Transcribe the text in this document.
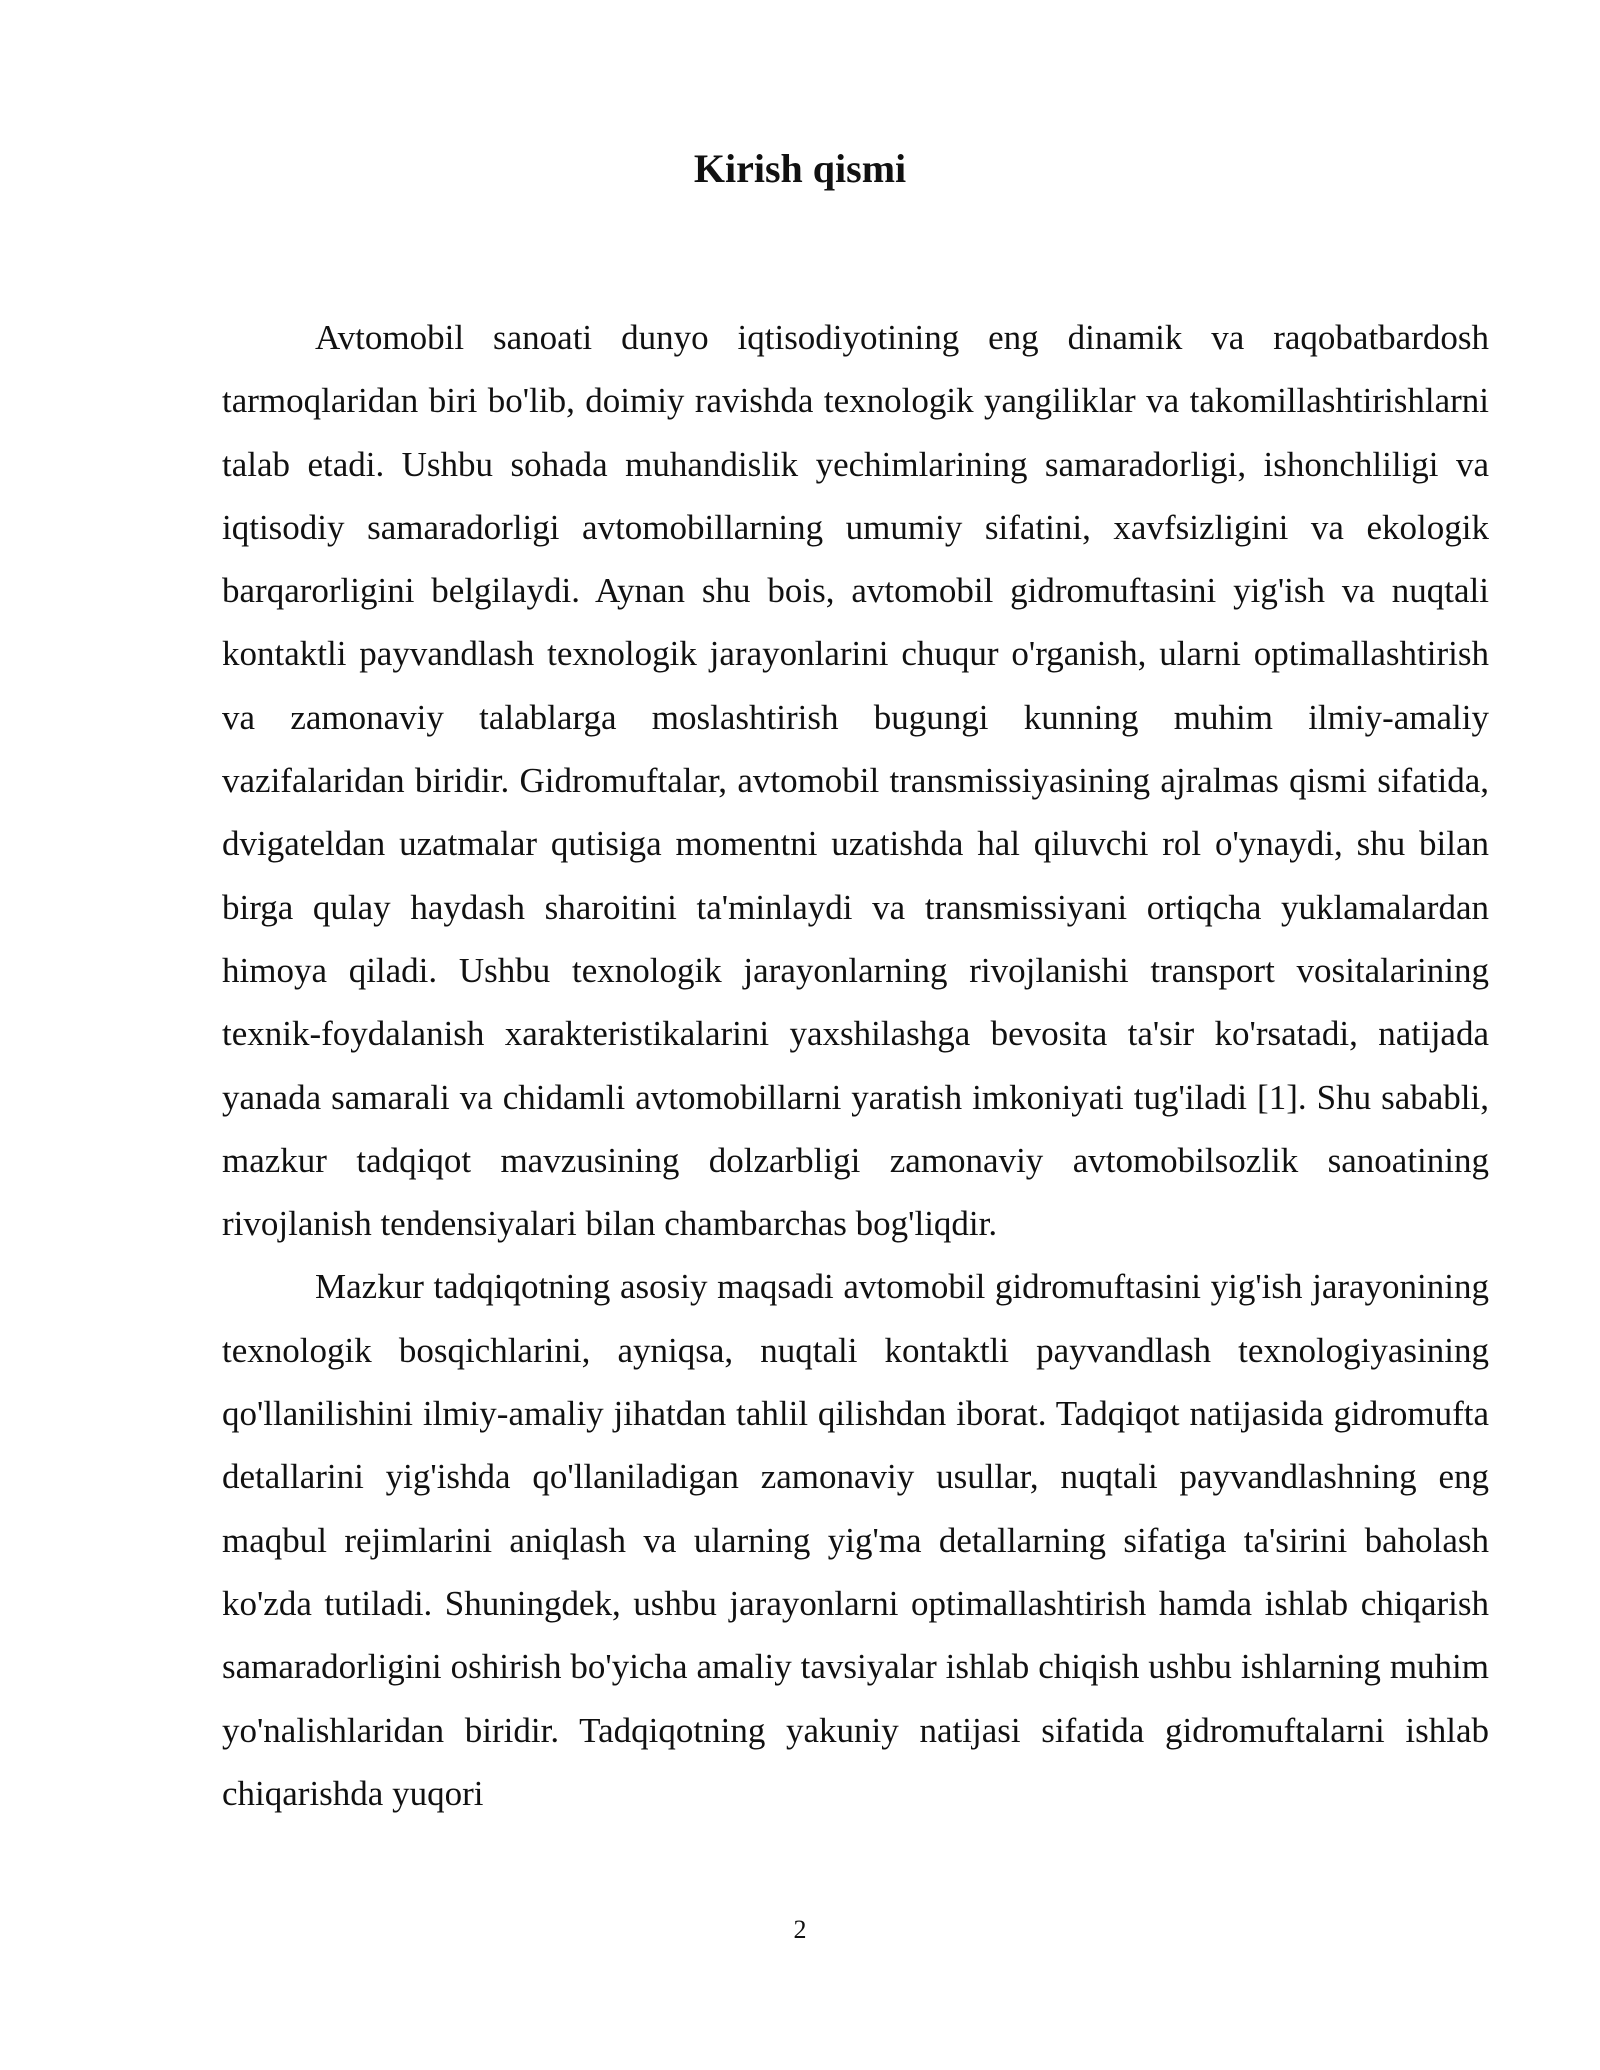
Kirish qismi

Avtomobil sanoati dunyo iqtisodiyotining eng dinamik va raqobatbardosh tarmoqlaridan biri bo'lib, doimiy ravishda texnologik yangiliklar va takomillashtirishlarni talab etadi. Ushbu sohada muhandislik yechimlarining samaradorligi, ishonchliligi va iqtisodiy samaradorligi avtomobillarning umumiy sifatini, xavfsizligini va ekologik barqarorligini belgilaydi. Aynan shu bois, avtomobil gidromuftasini yig'ish va nuqtali kontaktli payvandlash texnologik jarayonlarini chuqur o'rganish, ularni optimallashtirish va zamonaviy talablarga moslashtirish bugungi kunning muhim ilmiy-amaliy vazifalaridan biridir. Gidromuftalar, avtomobil transmissiyasining ajralmas qismi sifatida, dvigateldan uzatmalar qutisiga momentni uzatishda hal qiluvchi rol o'ynaydi, shu bilan birga qulay haydash sharoitini ta'minlaydi va transmissiyani ortiqcha yuklamalardan himoya qiladi. Ushbu texnologik jarayonlarning rivojlanishi transport vositalarining texnik-foydalanish xarakteristikalarini yaxshilashga bevosita ta'sir ko'rsatadi, natijada yanada samarali va chidamli avtomobillarni yaratish imkoniyati tug'iladi [1]. Shu sababli, mazkur tadqiqot mavzusining dolzarbligi zamonaviy avtomobilsozlik sanoatining rivojlanish tendensiyalari bilan chambarchas bog'liqdir.

Mazkur tadqiqotning asosiy maqsadi avtomobil gidromuftasini yig'ish jarayonining texnologik bosqichlarini, ayniqsa, nuqtali kontaktli payvandlash texnologiyasining qo'llanilishini ilmiy-amaliy jihatdan tahlil qilishdan iborat. Tadqiqot natijasida gidromufta detallarini yig'ishda qo'llaniladigan zamonaviy usullar, nuqtali payvandlashning eng maqbul rejimlarini aniqlash va ularning yig'ma detallarning sifatiga ta'sirini baholash ko'zda tutiladi. Shuningdek, ushbu jarayonlarni optimallashtirish hamda ishlab chiqarish samaradorligini oshirish bo'yicha amaliy tavsiyalar ishlab chiqish ushbu ishlarning muhim yo'nalishlaridan biridir. Tadqiqotning yakuniy natijasi sifatida gidromuftalarni ishlab chiqarishda yuqori

2
